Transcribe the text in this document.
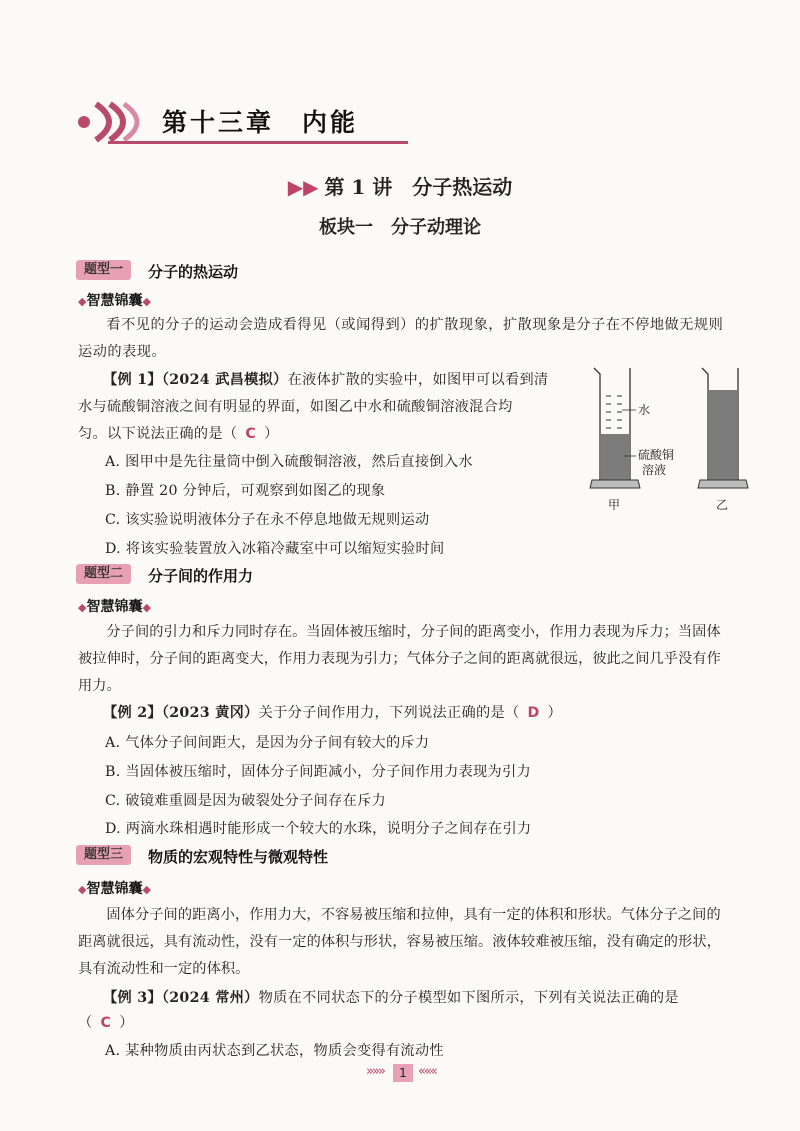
第十三章　内能
▶▶ 第 1 讲　分子热运动
板块一　分子动理论
题型一	分子的热运动
◆智慧锦囊◆
看不见的分子的运动会造成看得见（或闻得到）的扩散现象，扩散现象是分子在不停地做无规则运动的表现。
【例 1】（2024 武昌模拟）在液体扩散的实验中，如图甲可以看到清
水与硫酸铜溶液之间有明显的界面，如图乙中水和硫酸铜溶液混合均
匀。以下说法正确的是（ C ）
A. 图甲中是先往量筒中倒入硫酸铜溶液，然后直接倒入水
B. 静置 20 分钟后，可观察到如图乙的现象
C. 该实验说明液体分子在永不停息地做无规则运动
D. 将该实验装置放入冰箱冷藏室中可以缩短实验时间
水
硫酸铜
溶液
甲	乙
题型二	分子间的作用力
◆智慧锦囊◆
分子间的引力和斥力同时存在。当固体被压缩时，分子间的距离变小，作用力表现为斥力；当固体被拉伸时，分子间的距离变大，作用力表现为引力；气体分子之间的距离就很远，彼此之间几乎没有作用力。
【例 2】（2023 黄冈）关于分子间作用力，下列说法正确的是（ D ）
A. 气体分子间间距大，是因为分子间有较大的斥力
B. 当固体被压缩时，固体分子间距减小，分子间作用力表现为引力
C. 破镜难重圆是因为破裂处分子间存在斥力
D. 两滴水珠相遇时能形成一个较大的水珠，说明分子之间存在引力
题型三	物质的宏观特性与微观特性
◆智慧锦囊◆
固体分子间的距离小，作用力大，不容易被压缩和拉伸，具有一定的体积和形状。气体分子之间的距离就很远，具有流动性，没有一定的体积与形状，容易被压缩。液体较难被压缩，没有确定的形状，具有流动性和一定的体积。
【例 3】（2024 常州）物质在不同状态下的分子模型如下图所示，下列有关说法正确的是
（ C ）
A. 某种物质由丙状态到乙状态，物质会变得有流动性
»»»	1 «««
